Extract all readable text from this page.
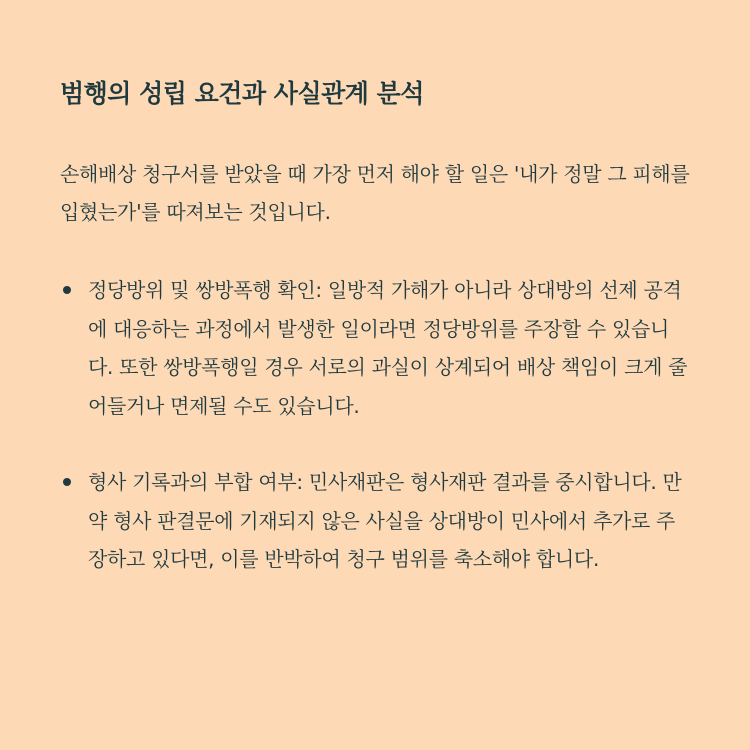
범행의 성립 요건과 사실관계 분석

손해배상 청구서를 받았을 때 가장 먼저 해야 할 일은 '내가 정말 그 피해를 입혔는가'를 따져보는 것입니다.

정당방위 및 쌍방폭행 확인: 일방적 가해가 아니라 상대방의 선제 공격에 대응하는 과정에서 발생한 일이라면 정당방위를 주장할 수 있습니다. 또한 쌍방폭행일 경우 서로의 과실이 상계되어 배상 책임이 크게 줄어들거나 면제될 수도 있습니다.
형사 기록과의 부합 여부: 민사재판은 형사재판 결과를 중시합니다. 만약 형사 판결문에 기재되지 않은 사실을 상대방이 민사에서 추가로 주장하고 있다면, 이를 반박하여 청구 범위를 축소해야 합니다.
